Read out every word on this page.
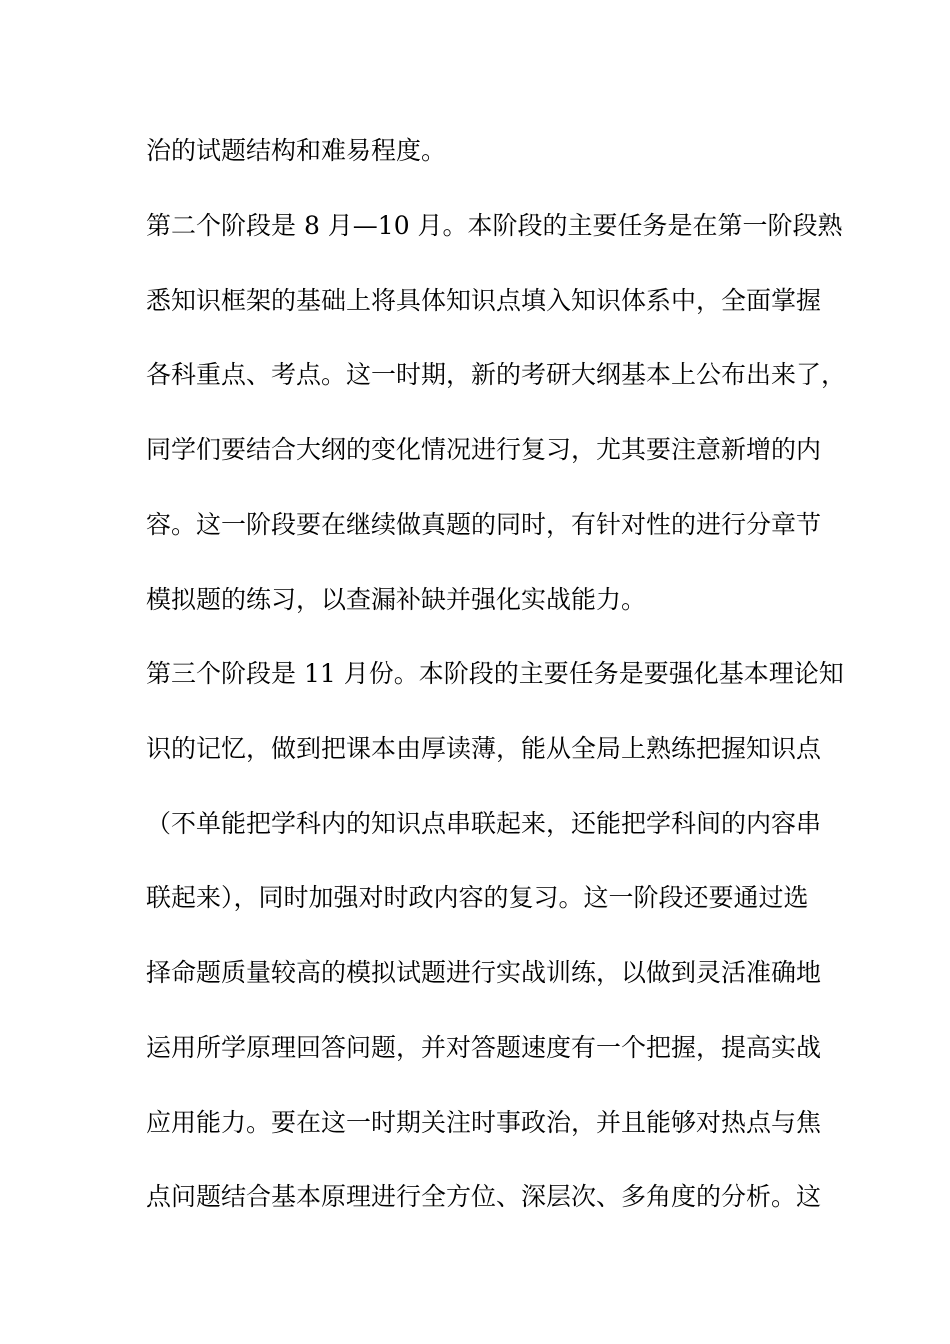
治的试题结构和难易程度。
第二个阶段是 8 月—10 月。本阶段的主要任务是在第一阶段熟
悉知识框架的基础上将具体知识点填入知识体系中，全面掌握
各科重点、考点。这一时期，新的考研大纲基本上公布出来了，
同学们要结合大纲的变化情况进行复习，尤其要注意新增的内
容。这一阶段要在继续做真题的同时，有针对性的进行分章节
模拟题的练习，以查漏补缺并强化实战能力。
第三个阶段是 11 月份。本阶段的主要任务是要强化基本理论知
识的记忆，做到把课本由厚读薄，能从全局上熟练把握知识点
（不单能把学科内的知识点串联起来，还能把学科间的内容串
联起来），同时加强对时政内容的复习。这一阶段还要通过选
择命题质量较高的模拟试题进行实战训练，以做到灵活准确地
运用所学原理回答问题，并对答题速度有一个把握，提高实战
应用能力。要在这一时期关注时事政治，并且能够对热点与焦
点问题结合基本原理进行全方位、深层次、多角度的分析。这
